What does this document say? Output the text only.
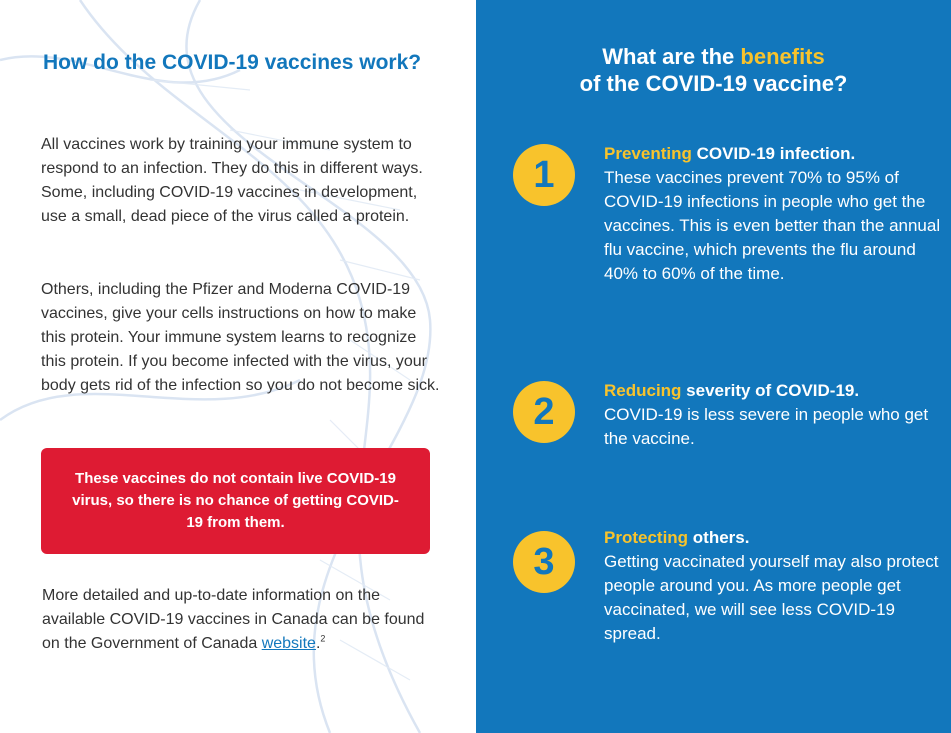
How do the COVID-19 vaccines work?

All vaccines work by training your immune system to respond to an infection. They do this in different ways. Some, including COVID-19 vaccines in development, use a small, dead piece of the virus called a protein.

Others, including the Pfizer and Moderna COVID-19 vaccines, give your cells instructions on how to make this protein. Your immune system learns to recognize this protein. If you become infected with the virus, your body gets rid of the infection so you do not become sick.

These vaccines do not contain live COVID-19 virus, so there is no chance of getting COVID-19 from them.

More detailed and up-to-date information on the available COVID-19 vaccines in Canada can be found on the Government of Canada website.$^2$

What are the benefits
of the COVID-19 vaccine?
1	Preventing COVID-19 infection.
These vaccines prevent 70% to 95% of COVID-19 infections in people who get the vaccines. This is even better than the annual flu vaccine, which prevents the flu around 40% to 60% of the time.

2	Reducing severity of COVID-19.
COVID-19 is less severe in people who get the vaccine.

3

Protecting others.
Getting vaccinated yourself may also protect people around you. As more people get vaccinated, we will see less COVID-19 spread.
